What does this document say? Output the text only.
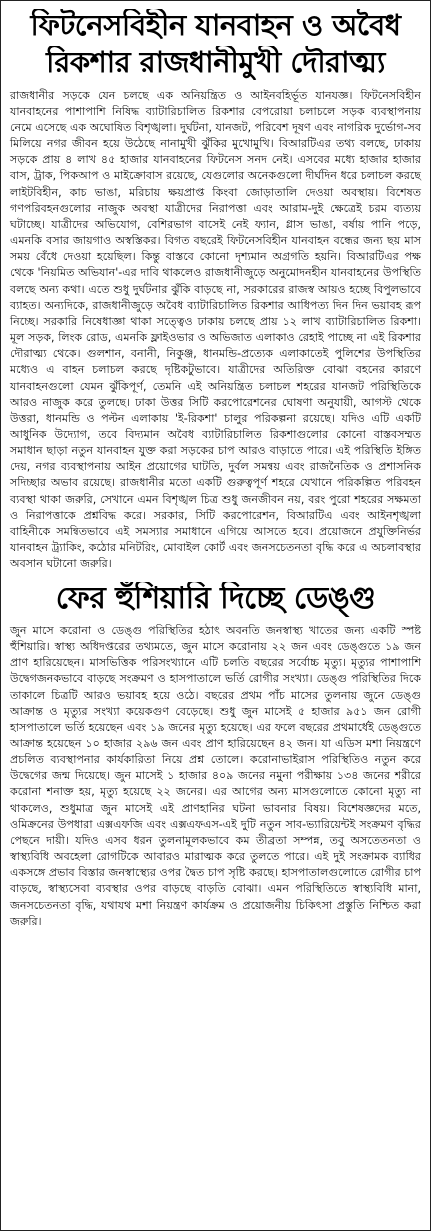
ফিটনেসবিহীন যানবাহন ও অবৈধ
রিকশার রাজধানীমুখী দৌরাত্ম্য

রাজধানীর সড়কে যেন চলছে এক অনিয়ন্ত্রিত ও আইনবহির্ভূত যানযজ্ঞ। ফিটনেসবিহীন যানবাহনের পাশাপাশি নিষিদ্ধ ব্যাটারিচালিত রিকশার বেপরোয়া চলাচলে সড়ক ব্যবস্থাপনায় নেমে এসেছে এক অঘোষিত বিশৃঙ্খলা। দুর্ঘটনা, যানজট, পরিবেশ দূষণ এবং নাগরিক দুর্ভোগ-সব মিলিয়ে নগর জীবন হয়ে উঠেছে নানামুখী ঝুঁকির মুখোমুখি। বিআরটিএর তথ্য বলছে, ঢাকায় সড়কে প্রায় ৪ লাখ ৪৫ হাজার যানবাহনের ফিটনেস সনদ নেই। এসবের মধ্যে হাজার হাজার বাস, ট্রাক, পিকআপ ও মাইক্রোবাস রয়েছে, যেগুলোর অনেকগুলো দীর্ঘদিন ধরে চলাচল করছে লাইটবিহীন, কাচ ভাঙা, মরিচায় ক্ষয়প্রাপ্ত কিংবা জোড়াতালি দেওয়া অবস্থায়। বিশেষত গণপরিবহনগুলোর নাজুক অবস্থা যাত্রীদের নিরাপত্তা এবং আরাম-দুই ক্ষেত্রেই চরম ব্যত্যয় ঘটাচ্ছে। যাত্রীদের অভিযোগ, বেশিরভাগ বাসেই নেই ফ্যান, গ্লাস ভাঙা, বর্ষায় পানি পড়ে, এমনকি বসার জায়গাও অস্বস্তিকর। বিগত বছরেই ফিটনেসবিহীন যানবাহন বন্ধের জন্য ছয় মাস সময় বেঁধে দেওয়া হয়েছিল। কিন্তু বাস্তবে কোনো দৃশ্যমান অগ্রগতি হয়নি। বিআরটিএর পক্ষ থেকে 'নিয়মিত অভিযান'-এর দাবি থাকলেও রাজধানীজুড়ে অনুমোদনহীন যানবাহনের উপস্থিতি বলছে অন্য কথা। এতে শুধু দুর্ঘটনার ঝুঁকি বাড়ছে না, সরকারের রাজস্ব আয়ও হচ্ছে বিপুলভাবে ব্যাহত। অন্যদিকে, রাজধানীজুড়ে অবৈধ ব্যাটারিচালিত রিকশার আধিপত্য দিন দিন ভয়াবহ রূপ নিচ্ছে। সরকারি নিষেধাজ্ঞা থাকা সত্ত্বেও ঢাকায় চলছে প্রায় ১২ লাখ ব্যাটারিচালিত রিকশা। মূল সড়ক, লিংক রোড, এমনকি ফ্লাইওভার ও অভিজাত এলাকাও রেহাই পাচ্ছে না এই রিকশার দৌরাত্ম্য থেকে। গুলশান, বনানী, নিকুঞ্জ, ধানমন্ডি-প্রত্যেক এলাকাতেই পুলিশের উপস্থিতির মধ্যেও এ বাহন চলাচল করছে দৃষ্টিকটুভাবে। যাত্রীদের অতিরিক্ত বোঝা বহনের কারণে যানবাহনগুলো যেমন ঝুঁকিপূর্ণ, তেমনি এই অনিয়ন্ত্রিত চলাচল শহরের যানজট পরিস্থিতিকে আরও নাজুক করে তুলছে। ঢাকা উত্তর সিটি করপোরেশনের ঘোষণা অনুযায়ী, আগস্ট থেকে উত্তরা, ধানমন্ডি ও পল্টন এলাকায় 'ই-রিকশা' চালুর পরিকল্পনা রয়েছে। যদিও এটি একটি আধুনিক উদ্যোগ, তবে বিদ্যমান অবৈধ ব্যাটারিচালিত রিকশাগুলোর কোনো বাস্তবসম্মত সমাধান ছাড়া নতুন যানবাহন যুক্ত করা সড়কের চাপ আরও বাড়াতে পারে। এই পরিস্থিতি ইঙ্গিত দেয়, নগর ব্যবস্থাপনায় আইন প্রয়োগের ঘাটতি, দুর্বল সমন্বয় এবং রাজনৈতিক ও প্রশাসনিক সদিচ্ছার অভাব রয়েছে। রাজধানীর মতো একটি গুরুত্বপূর্ণ শহরে যেখানে পরিকল্পিত পরিবহন ব্যবস্থা থাকা জরুরি, সেখানে এমন বিশৃঙ্খল চিত্র শুধু জনজীবন নয়, বরং পুরো শহরের সক্ষমতা ও নিরাপত্তাকে প্রশ্নবিদ্ধ করে। সরকার, সিটি করপোরেশন, বিআরটিএ এবং আইনশৃঙ্খলা বাহিনীকে সমন্বিতভাবে এই সমস্যার সমাধানে এগিয়ে আসতে হবে। প্রয়োজনে প্রযুক্তিনির্ভর যানবাহন ট্র্যাকিং, কঠোর মনিটরিং, মোবাইল কোর্ট এবং জনসচেতনতা বৃদ্ধি করে এ অচলাবস্থার অবসান ঘটানো জরুরি।

ফের হুঁশিয়ারি দিচ্ছে ডেঙ্গু

জুন মাসে করোনা ও ডেঙ্গু পরিস্থিতির হঠাৎ অবনতি জনস্বাস্থ্য খাতের জন্য একটি স্পষ্ট হুঁশিয়ারি। স্বাস্থ্য অধিদপ্তরের তথ্যমতে, জুন মাসে করোনায় ২২ জন এবং ডেঙ্গুতে ১৯ জন প্রাণ হারিয়েছেন। মাসভিত্তিক পরিসংখ্যানে এটি চলতি বছরের সর্বোচ্চ মৃত্যু। মৃত্যুর পাশাপাশি উদ্বেগজনকভাবে বাড়ছে সংক্রমণ ও হাসপাতালে ভর্তি রোগীর সংখ্যা। ডেঙ্গু পরিস্থিতির দিকে তাকালে চিত্রটি আরও ভয়াবহ হয়ে ওঠে। বছরের প্রথম পাঁচ মাসের তুলনায় জুনে ডেঙ্গু আক্রান্ত ও মৃত্যুর সংখ্যা কয়েকগুণ বেড়েছে। শুধু জুন মাসেই ৫ হাজার ৯৫১ জন রোগী হাসপাতালে ভর্তি হয়েছেন এবং ১৯ জনের মৃত্যু হয়েছে। এর ফলে বছরের প্রথমার্ধেই ডেঙ্গুতে আক্রান্ত হয়েছেন ১০ হাজার ২৯৬ জন এবং প্রাণ হারিয়েছেন ৪২ জন। যা এডিস মশা নিয়ন্ত্রণে প্রচলিত ব্যবস্থাপনার কার্যকারিতা নিয়ে প্রশ্ন তোলে। করোনাভাইরাস পরিস্থিতিও নতুন করে উদ্বেগের জন্ম দিয়েছে। জুন মাসেই ১ হাজার ৪০৯ জনের নমুনা পরীক্ষায় ১৩৪ জনের শরীরে করোনা শনাক্ত হয়, মৃত্যু হয়েছে ২২ জনের। এর আগের অন্য মাসগুলোতে কোনো মৃত্যু না থাকলেও, শুধুমাত্র জুন মাসেই এই প্রাণহানির ঘটনা ভাবনার বিষয়। বিশেষজ্ঞদের মতে, ওমিক্রনের উপধারা এক্সএফজি এবং এক্সএফএস-এই দুটি নতুন সাব-ভ্যারিয়েন্টই সংক্রমণ বৃদ্ধির পেছনে দায়ী। যদিও এসব ধরন তুলনামূলকভাবে কম তীব্রতা সম্পন্ন, তবু অসতেতনতা ও স্বাস্থ্যবিধি অবহেলা রোগটিকে আবারও মারাত্মক করে তুলতে পারে। এই দুই সংক্রামক ব্যাধির একসঙ্গে প্রভাব বিস্তার জনস্বাস্থ্যের ওপর দ্বৈত চাপ সৃষ্টি করছে। হাসপাতালগুলোতে রোগীর চাপ বাড়ছে, স্বাস্থ্যসেবা ব্যবস্থার ওপর বাড়ছে বাড়তি বোঝা। এমন পরিস্থিতিতে স্বাস্থ্যবিধি মানা, জনসচেতনতা বৃদ্ধি, যথাযথ মশা নিয়ন্ত্রণ কার্যক্রম ও প্রয়োজনীয় চিকিৎসা প্রস্তুতি নিশ্চিত করা জরুরি।
